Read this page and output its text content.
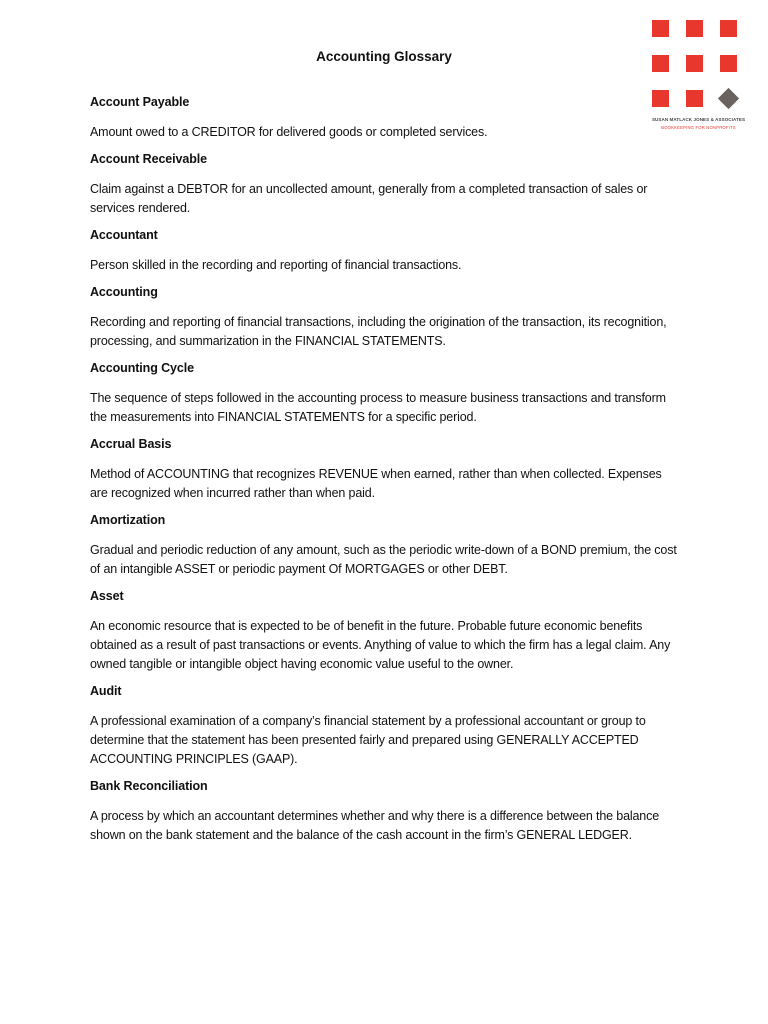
Accounting Glossary
SUSAN MATLACK JONES & ASSOCIATES
BOOKKEEPING FOR NONPROFITS
Account Payable
Amount owed to a CREDITOR for delivered goods or completed services.
Account Receivable
Claim against a DEBTOR for an uncollected amount, generally from a completed transaction of sales or services rendered.
Accountant
Person skilled in the recording and reporting of financial transactions.
Accounting
Recording and reporting of financial transactions, including the origination of the transaction, its recognition, processing, and summarization in the FINANCIAL STATEMENTS.
Accounting Cycle
The sequence of steps followed in the accounting process to measure business transactions and transform the measurements into FINANCIAL STATEMENTS for a specific period.
Accrual Basis
Method of ACCOUNTING that recognizes REVENUE when earned, rather than when collected. Expenses are recognized when incurred rather than when paid.
Amortization
Gradual and periodic reduction of any amount, such as the periodic write-down of a BOND premium, the cost of an intangible ASSET or periodic payment Of MORTGAGES or other DEBT.
Asset
An economic resource that is expected to be of benefit in the future. Probable future economic benefits obtained as a result of past transactions or events. Anything of value to which the firm has a legal claim. Any owned tangible or intangible object having economic value useful to the owner.
Audit
A professional examination of a company’s financial statement by a professional accountant or group to determine that the statement has been presented fairly and prepared using GENERALLY ACCEPTED ACCOUNTING PRINCIPLES (GAAP).
Bank Reconciliation
A process by which an accountant determines whether and why there is a difference between the balance shown on the bank statement and the balance of the cash account in the firm’s GENERAL LEDGER.
